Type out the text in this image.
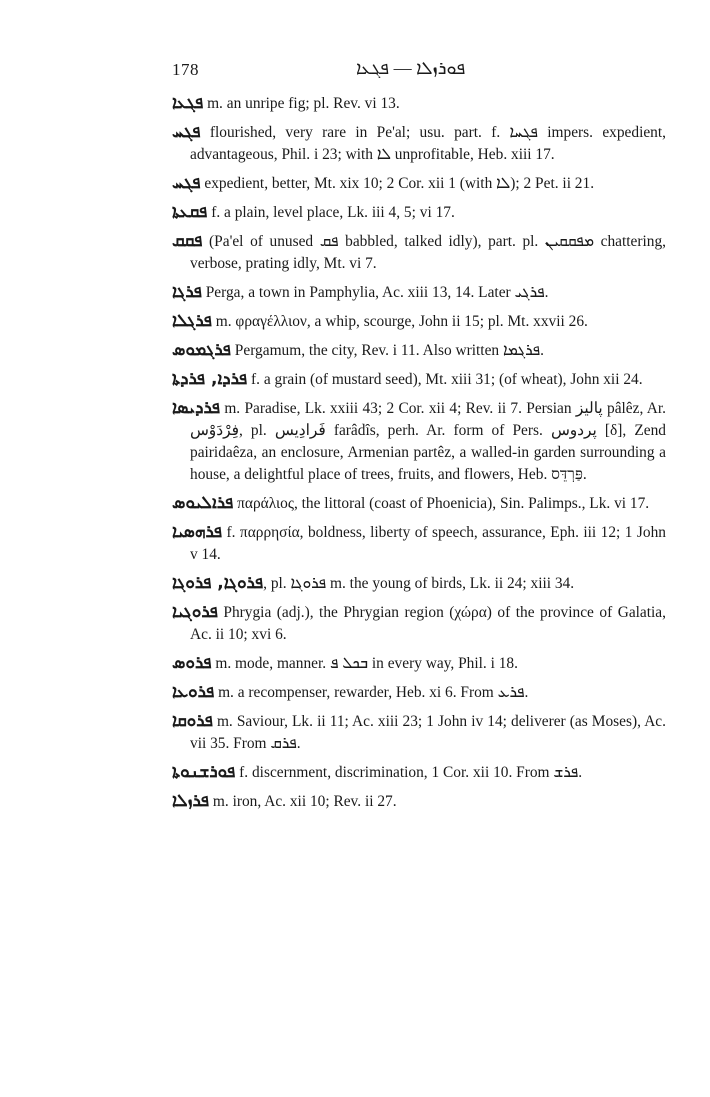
178	ܦܘܪܙܠܐ — ܦܓܥܐ

ܦܓܥܐ m. an unripe fig; pl. Rev. vi 13.

ܦܓܚ flourished, very rare in Pe'al; usu. part. f. ܦܓܚܐ impers. expedient, advantageous, Phil. i 23; with ܠܐ unprofitable, Heb. xiii 17.

ܦܓܚ expedient, better, Mt. xix 10; 2 Cor. xii 1 (with ܠܐ); 2 Pet. ii 21.

ܦܩܥܬܐ f. a plain, level place, Lk. iii 4, 5; vi 17.

ܦܩܩ (Pa'el of unused ܦܩ babbled, talked idly), part. pl. ܡܦܩܩܝܢ chattering, verbose, prating idly, Mt. vi 7.

ܦܪܓܐ Perga, a town in Pamphylia, Ac. xiii 13, 14. Later ܦܪܓܝ.

ܦܪܓܠܐ m. φραγέλλιον, a whip, scourge, John ii 15; pl. Mt. xxvii 26.

ܦܪܓܡܘܣ Pergamum, the city, Rev. i 11. Also written ܦܪܓܡܐ.

ܦܪܕܐ, ܦܪܕܬܐ f. a grain (of mustard seed), Mt. xiii 31; (of wheat), John xii 24.

ܦܪܕܝܣܐ m. Paradise, Lk. xxiii 43; 2 Cor. xii 4; Rev. ii 7. Persian پالیز pâlêz, Ar. فِرْدَوْس, pl. فَرادِيس farâdîs, perh. Ar. form of Pers. پردوس [δ], Zend pairidaêza, an enclosure, Armenian partêz, a walled-in garden surrounding a house, a delightful place of trees, fruits, and flowers, Heb. פַּרְדֵּס.

ܦܪܐܠܝܘܣ παράλιος, the littoral (coast of Phoenicia), Sin. Palimps., Lk. vi 17.

ܦܪܗܣܝܐ f. παρρησία, boldness, liberty of speech, assurance, Eph. iii 12; 1 John v 14.

ܦܪܘܓܐ, ܦܪܘܓܐ, pl. ܦܪܘܓܐ m. the young of birds, Lk. ii 24; xiii 34.

ܦܪܘܓܝܐ Phrygia (adj.), the Phrygian region (χώρα) of the province of Galatia, Ac. ii 10; xvi 6.

ܦܪܘܣ m. mode, manner. ܒܟܠ ܦ in every way, Phil. i 18.

ܦܪܘܥܐ m. a recompenser, rewarder, Heb. xi 6. From ܦܪܥ.

ܦܪܘܩܐ m. Saviour, Lk. ii 11; Ac. xiii 23; 1 John iv 14; deliverer (as Moses), Ac. vii 35. From ܦܪܩ.

ܦܘܪܫܢܘܬܐ f. discernment, discrimination, 1 Cor. xii 10. From ܦܪܫ.

ܦܪܙܠܐ m. iron, Ac. xii 10; Rev. ii 27.
